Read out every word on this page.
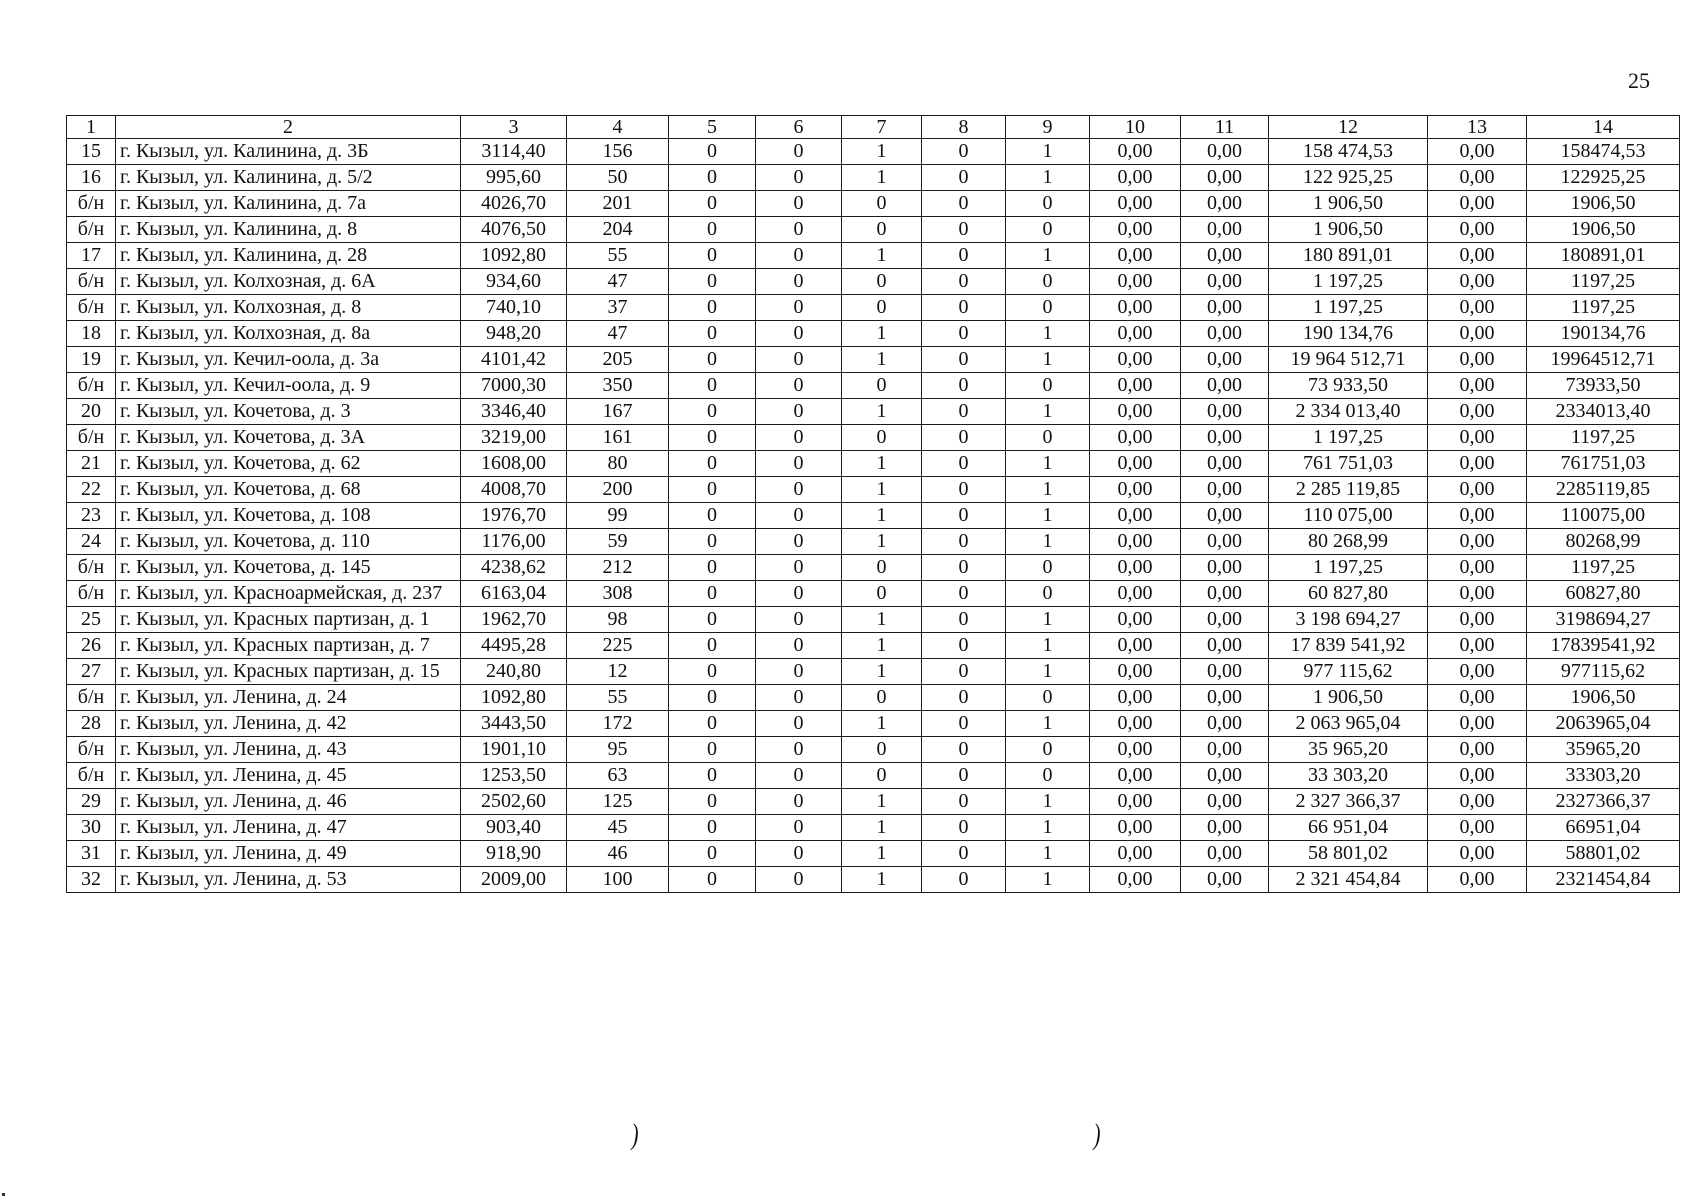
25
1	2	3	4	5	6	7	8	9	10	11	12	13	14
15	г. Кызыл, ул. Калинина, д. 3Б	3114,40	156	0	0	1	0	1	0,00	0,00	158 474,53	0,00	158474,53
16	г. Кызыл, ул. Калинина, д. 5/2	995,60	50	0	0	1	0	1	0,00	0,00	122 925,25	0,00	122925,25
б/н	г. Кызыл, ул. Калинина, д. 7а	4026,70	201	0	0	0	0	0	0,00	0,00	1 906,50	0,00	1906,50
б/н	г. Кызыл, ул. Калинина, д. 8	4076,50	204	0	0	0	0	0	0,00	0,00	1 906,50	0,00	1906,50
17	г. Кызыл, ул. Калинина, д. 28	1092,80	55	0	0	1	0	1	0,00	0,00	180 891,01	0,00	180891,01
б/н	г. Кызыл, ул. Колхозная, д. 6А	934,60	47	0	0	0	0	0	0,00	0,00	1 197,25	0,00	1197,25
б/н	г. Кызыл, ул. Колхозная, д. 8	740,10	37	0	0	0	0	0	0,00	0,00	1 197,25	0,00	1197,25
18	г. Кызыл, ул. Колхозная, д. 8а	948,20	47	0	0	1	0	1	0,00	0,00	190 134,76	0,00	190134,76
19	г. Кызыл, ул. Кечил-оола, д. 3а	4101,42	205	0	0	1	0	1	0,00	0,00	19 964 512,71	0,00	19964512,71
б/н	г. Кызыл, ул. Кечил-оола, д. 9	7000,30	350	0	0	0	0	0	0,00	0,00	73 933,50	0,00	73933,50
20	г. Кызыл, ул. Кочетова, д. 3	3346,40	167	0	0	1	0	1	0,00	0,00	2 334 013,40	0,00	2334013,40
б/н	г. Кызыл, ул. Кочетова, д. 3А	3219,00	161	0	0	0	0	0	0,00	0,00	1 197,25	0,00	1197,25
21	г. Кызыл, ул. Кочетова, д. 62	1608,00	80	0	0	1	0	1	0,00	0,00	761 751,03	0,00	761751,03
22	г. Кызыл, ул. Кочетова, д. 68	4008,70	200	0	0	1	0	1	0,00	0,00	2 285 119,85	0,00	2285119,85
23	г. Кызыл, ул. Кочетова, д. 108	1976,70	99	0	0	1	0	1	0,00	0,00	110 075,00	0,00	110075,00
24	г. Кызыл, ул. Кочетова, д. 110	1176,00	59	0	0	1	0	1	0,00	0,00	80 268,99	0,00	80268,99
б/н	г. Кызыл, ул. Кочетова, д. 145	4238,62	212	0	0	0	0	0	0,00	0,00	1 197,25	0,00	1197,25
б/н	г. Кызыл, ул. Красноармейская, д. 237	6163,04	308	0	0	0	0	0	0,00	0,00	60 827,80	0,00	60827,80
25	г. Кызыл, ул. Красных партизан, д. 1	1962,70	98	0	0	1	0	1	0,00	0,00	3 198 694,27	0,00	3198694,27
26	г. Кызыл, ул. Красных партизан, д. 7	4495,28	225	0	0	1	0	1	0,00	0,00	17 839 541,92	0,00	17839541,92
27	г. Кызыл, ул. Красных партизан, д. 15	240,80	12	0	0	1	0	1	0,00	0,00	977 115,62	0,00	977115,62
б/н	г. Кызыл, ул. Ленина, д. 24	1092,80	55	0	0	0	0	0	0,00	0,00	1 906,50	0,00	1906,50
28	г. Кызыл, ул. Ленина, д. 42	3443,50	172	0	0	1	0	1	0,00	0,00	2 063 965,04	0,00	2063965,04
б/н	г. Кызыл, ул. Ленина, д. 43	1901,10	95	0	0	0	0	0	0,00	0,00	35 965,20	0,00	35965,20
б/н	г. Кызыл, ул. Ленина, д. 45	1253,50	63	0	0	0	0	0	0,00	0,00	33 303,20	0,00	33303,20
29	г. Кызыл, ул. Ленина, д. 46	2502,60	125	0	0	1	0	1	0,00	0,00	2 327 366,37	0,00	2327366,37
30	г. Кызыл, ул. Ленина, д. 47	903,40	45	0	0	1	0	1	0,00	0,00	66 951,04	0,00	66951,04
31	г. Кызыл, ул. Ленина, д. 49	918,90	46	0	0	1	0	1	0,00	0,00	58 801,02	0,00	58801,02
32	г. Кызыл, ул. Ленина, д. 53	2009,00	100	0	0	1	0	1	0,00	0,00	2 321 454,84	0,00	2321454,84
)	)
